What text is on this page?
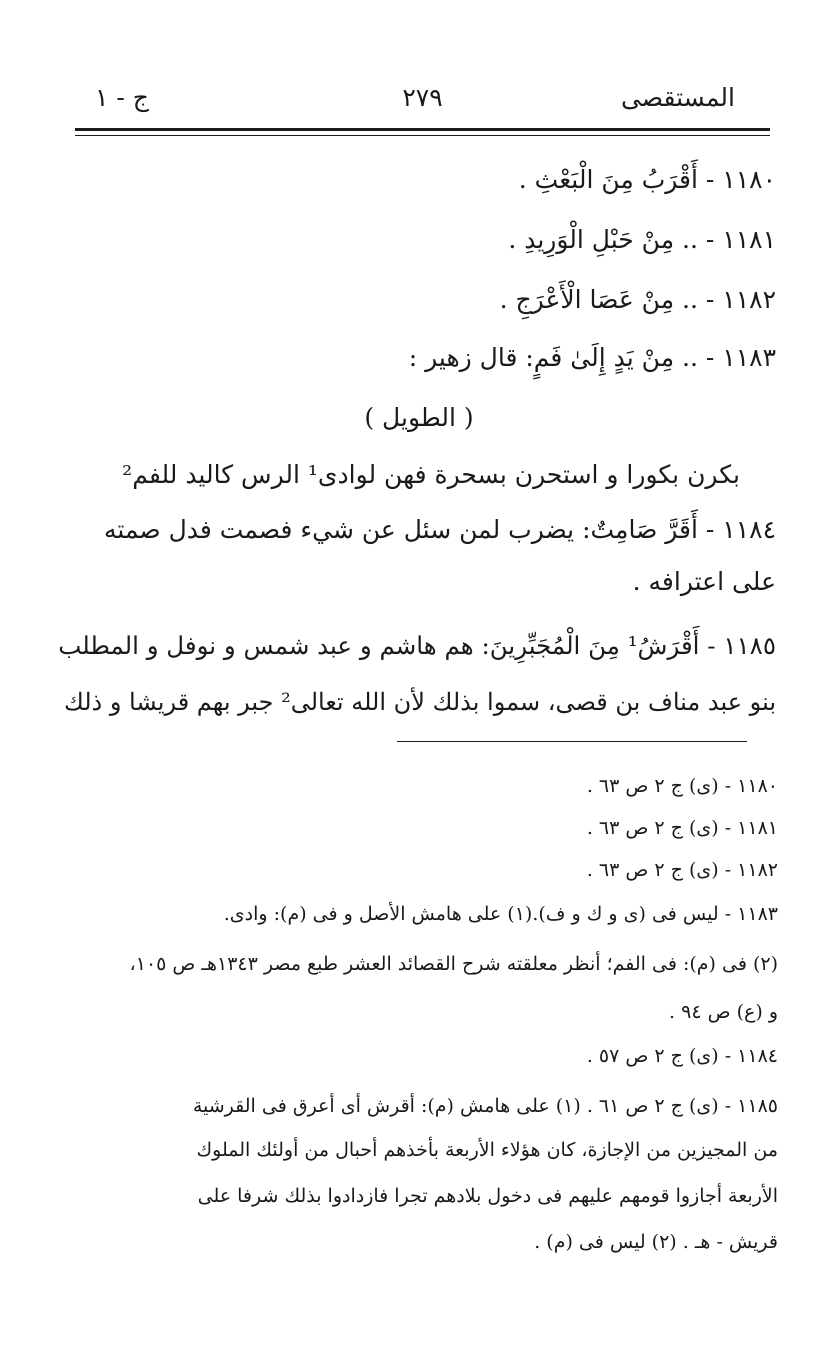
المستقصى
٢٧٩
ج - ١
١١٨٠ - أَقْرَبُ مِنَ الْبَعْثِ .
١١٨١ - .. مِنْ حَبْلِ الْوَرِيدِ .
١١٨٢ - .. مِنْ عَصَا الْأَعْرَجِ .
١١٨٣ - .. مِنْ يَدٍ إِلَىٰ فَمٍ: قال زهير :
( الطويل )
بكرن بكورا و استحرن بسحرة فهن لوادى¹ الرس كاليد للفم²
١١٨٤ - أَقَرَّ صَامِتٌ: يضرب لمن سئل عن شيء فصمت فدل صمته
على اعترافه .
١١٨٥ - أَقْرَشُ¹ مِنَ الْمُجَبِّرِينَ: هم هاشم و عبد شمس و نوفل و المطلب
بنو عبد مناف بن قصى، سموا بذلك لأن الله تعالى² جبر بهم قريشا و ذلك
١١٨٠ - (ى) ج ٢ ص ٦٣ .
١١٨١ - (ى) ج ٢ ص ٦٣ .
١١٨٢ - (ى) ج ٢ ص ٦٣ .
١١٨٣ - ليس فى (ى و ك و ف).(١) على هامش الأصل و فى (م): وادى.
(٢) فى (م): فى الفم؛ أنظر معلقته شرح القصائد العشر طبع مصر ١٣٤٣هـ ص ١٠٥،
و (ع) ص ٩٤ .
١١٨٤ - (ى) ج ٢ ص ٥٧ .
١١٨٥ - (ى) ج ٢ ص ٦١ . (١) على هامش (م): أقرش أى أعرق فى القرشية
من المجيزين من الإجازة، كان هؤلاء الأربعة بأخذهم أحبال من أولئك الملوك
الأربعة أجازوا قومهم عليهم فى دخول بلادهم تجرا فازدادوا بذلك شرفا على
قريش - هـ . (٢) ليس فى (م) .
